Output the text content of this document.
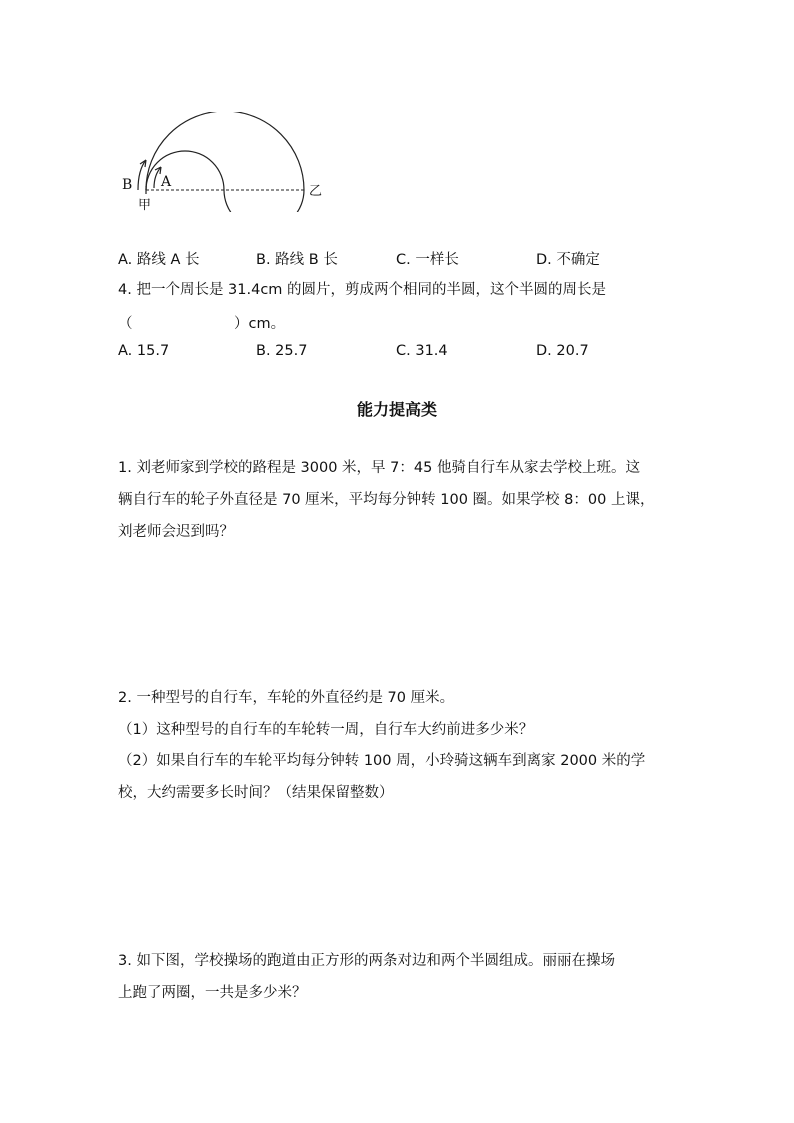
B A
甲
乙
A. 路线 A 长	B. 路线 B 长	C. 一样长	D. 不确定
4. 把一个周长是 31.4cm 的圆片，剪成两个相同的半圆，这个半圆的周长是
（　　　　　　　）cm。
A. 15.7	B. 25.7	C. 31.4	D. 20.7
能力提高类
1. 刘老师家到学校的路程是 3000 米，早 7：45 他骑自行车从家去学校上班。这
辆自行车的轮子外直径是 70 厘米，平均每分钟转 100 圈。如果学校 8：00 上课，
刘老师会迟到吗？
2. 一种型号的自行车，车轮的外直径约是 70 厘米。
（1）这种型号的自行车的车轮转一周，自行车大约前进多少米？
（2）如果自行车的车轮平均每分钟转 100 周，小玲骑这辆车到离家 2000 米的学
校，大约需要多长时间？（结果保留整数）
3. 如下图，学校操场的跑道由正方形的两条对边和两个半圆组成。丽丽在操场
上跑了两圈，一共是多少米？
